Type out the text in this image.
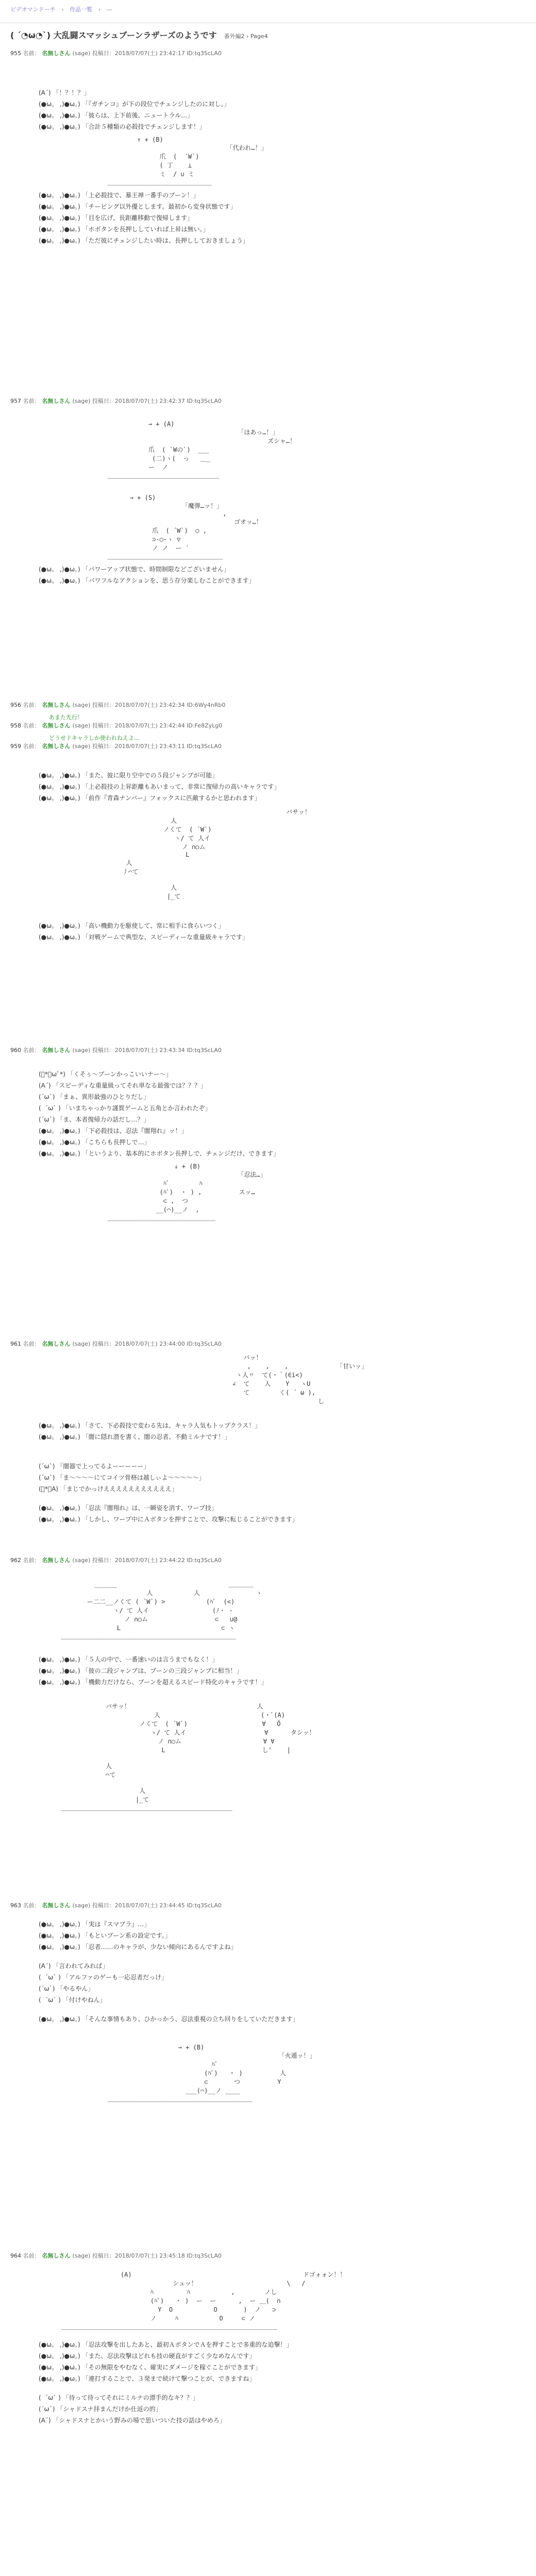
ビデオマンドーチ › 作品一覧 › —
( ´◔ω◔`) 大乱闘スマッシュブーンラザーズのようです 番外編2 › Page4
955 名前： 名無しさん (sage) 投稿日：2018/07/07(土) 23:42:17 ID:tq3ScLA0
(A´) 「！？！？」
(●ω。 ,)●ω。) 「『ガチンコ』が下の段位でチェンジしたのに対し。」
(●ω。 ,)●ω。) 「彼らは、上下前後、ニュートラル…」
(●ω。 ,)●ω。) 「合計５種類の必殺技でチェンジします！」
↑ + (B)
「代われ…！」
爪  (  ´W`)
( 丁    ⊥
ミ  / ∪ ミ
____________________________
(●ω。 ,)●ω。) 「上必殺技で、暴王禅一番手のブーン！」
(●ω。 ,)●ω。) 「チーピング以外優とします。最初から変身状態です」
(●ω。 ,)●ω。) 「目を広げ、長距離移動で復帰します」
(●ω。 ,)●ω。) 「ホボタンを長押ししていれば上昇は無い。」
(●ω。 ,)●ω。) 「ただ彼にチェンジしたい時は、長押ししておきましょう」
957 名前： 名無しさん (sage) 投稿日：2018/07/07(土) 23:42:37 ID:tq3ScLA0
→ + (A)
「ほあっ…！」
ズシャ…！
爪  ( `Wの`)  ___
(二)ヽ(  っ   ＿_
ー  ノ
______________________________
→ + (S)
「魔弾…ッ！」
,
ゴオッ…！
爪  ( ´W`)  ○ ,
⊃-○-ヽ ▽
ノ ノ  ー ′
_______________________________
(●ω。 ,)●ω。) 「パワーアップ状態で、時間制限などございません」
(●ω。 ,)●ω。) 「パワフルなアクションを、思う存分楽しむことができます」
956 名前： 名無しさん (sage) 投稿日：2018/07/07(土) 23:42:34 ID:6Wy4nRb0
あまた先行！
958 名前： 名無しさん (sage) 投稿日：2018/07/07(土) 23:42:44 ID:Fe8ZyLg0
どうせドキャラしか使われねえよ…
959 名前： 名無しさん (sage) 投稿日：2018/07/07(土) 23:43:11 ID:tq3ScLA0
(●ω。 ,)●ω。) 「また、彼に限り空中での５段ジャンプが可能」
(●ω。 ,)●ω。) 「上必殺技の上昇距離もあいまって、非常に復帰力の高いキャラです」
(●ω。 ,)●ω。) 「前作『青森ナンバー』フォックスに匹敵するかと思われます」
バサッ！
人
ノくて  ( ´W`)
ヽ/ て 人イ
ノ ∩○ム
L
人
丿⌒て

人
|_て
(●ω。 ,)●ω。) 「高い機動力を駆使して、常に相手に食らいつく」
(●ω。 ,)●ω。) 「対戦ゲームで典型な、スピーディーな重量級キャラです」
960 名前： 名無しさん (sage) 投稿日：2018/07/07(土) 23:43:34 ID:tq3ScLA0
(ﾟ*ﾟωﾟ*) 「くそぅ〜ブーンかっこいいナー〜」
(A´) 「スピーディな重量級ってそれ単なる最強では？？？」
(´ω`) 「まぁ、異形最強のひとりだし」
(  ´ω` ) 「いまちゃっかり謹賀ゲームと五角とか言われたぞ」
(´ω`) 「ま、本者復帰力の話だし…？」
(●ω。 ,)●ω。) 「下必殺技は、忍法『闇翔れ』ッ！」
(●ω。 ,)●ω。) 「こちらも長押しで…」
(●ω。 ,)●ω。) 「というより、基本的にホボタン長押しで、チェンジだけ、できます」
↓ + (B)
「忍法…」
ﾊﾟ        ﾊ
(ﾊﾟ)  ・ ) ,          スッ…
⊂ ,  つ
__(⌒)__ノ  ,
_____________________________
961 名前： 名無しさん (sage) 投稿日：2018/07/07(土) 23:44:00 ID:tq3ScLA0
バッ！
,    ,    ,             「甘いッ」
ヽ人〃  て(・｀(∈i<)
∠  て    人    Y   ヽU
て        く( ´ ω ),
し
(●ω。 ,)●ω。) 「さて、下必殺技で変わる先は、キャラ人気もトップクラス！」
(●ω。 ,)●ω。) 「闇に隠れ潜を書く、闇の忍者、不動ミルナです！」
(´ω`) 「闇器で上ってるよーーーーー」
(´ω`) 「ま〜〜〜〜にてコイツ骨格は越しぃよ〜〜〜〜〜」
(ﾟ*ﾟA) 「まじでかっけえええええええええええ」
(●ω。 ,)●ω。) 「忍法『闇翔れ』は、一瞬姿を消す、ワープ技」
(●ω。 ,)●ω。) 「しかし、ワープ中にＡボタンを押すことで、攻撃に転じることができます」
962 名前： 名無しさん (sage) 投稿日：2018/07/07(土) 23:44:22 ID:tq3ScLA0
______                              ＿＿＿＿
人           人               ヽ
ー二二__ノくて ( ´W`) >           (ﾊﾟ  (<)
ヽ/ て 人イ                 (ﾉ・ -
ノ ∩○ム                  ⊂   ∪@
L                           ⊂ ヽ
_______________________________________________
(●ω。 ,)●ω。) 「５人の中で、一番速いのは言うまでもなく！」
(●ω。 ,)●ω。) 「彼の二段ジャンプは、ブーンの三段ジャンプに相当！」
(●ω。 ,)●ω。) 「機動力だけなら、ブーンを超えるスピード特化のキャラです！」
バサッ！                                  人
人                           (・ﾟ(A)
ノくて  ( ´W`)                    ∀   Ö
ヽ/ て 人イ                     ∀      タシッ！
ノ ∩○ム                      ∀ ∀
L                          し'    |

人
⌒て

人
|_て
______________________________________________
963 名前： 名無しさん (sage) 投稿日：2018/07/07(土) 23:44:45 ID:tq3ScLA0
(●ω。 ,)●ω。) 「実は『スマブラ』…」
(●ω。 ,)●ω。) 「もといブーン系の設定です。」
(●ω。 ,)●ω。) 「忍者……のキャラが、少ない傾向にあるんですよね」
(A´) 「言われてみれば」
(  ´ω` ) 「アルファのゲーも一応忍者だっけ」
(´ω`) 「やるやん」
(  ´ω` ) 「付けやねん」
(●ω。 ,)●ω。) 「そんな事情もあり、ひかっかう、忍法重視の立ち回りをしていただきます」
→ + (B)
「火遁ッ！」
ﾊﾟ
(ﾊﾟ)   ・ )          人
⊂       つ          Y
___(⌒)__ノ ____
_______________________________________
964 名前： 名無しさん (sage) 投稿日：2018/07/07(土) 23:45:18 ID:tq3ScLA0
(A)                                              ドゴォォン！！
シュッ！                        \   /
ﾊ         ﾊ           ,        ノし
(ﾊﾟ)   ・ )  ー  ー      ,  ー ＿(  ∩
Y  O           O       )  ノ   ⊃
ノ     ﾊ           O     ⊂ ノ
__________________________________________________________
(●ω。 ,)●ω。) 「忍法攻撃を出したあと、最初ＡボタンでＡを押すことで多重的な追撃！」
(●ω。 ,)●ω。) 「また、忍法攻撃はどれも技の硬直がすごく少なめなんです」
(●ω。 ,)●ω。) 「その無限をやむなく、確実にダメージを稼ぐことができます」
(●ω。 ,)●ω。) 「連打することで、３発まで続けて撃つことが、できますね」
(  ´ω` ) 「待って待ってそれにミルナの漂手的なキ？？」
(´ω`) 「シャドスナ拝まんだけか仕返の的」
(A´) 「シャドスナとかいう野みの場で思いついた技の話はやめろ」
